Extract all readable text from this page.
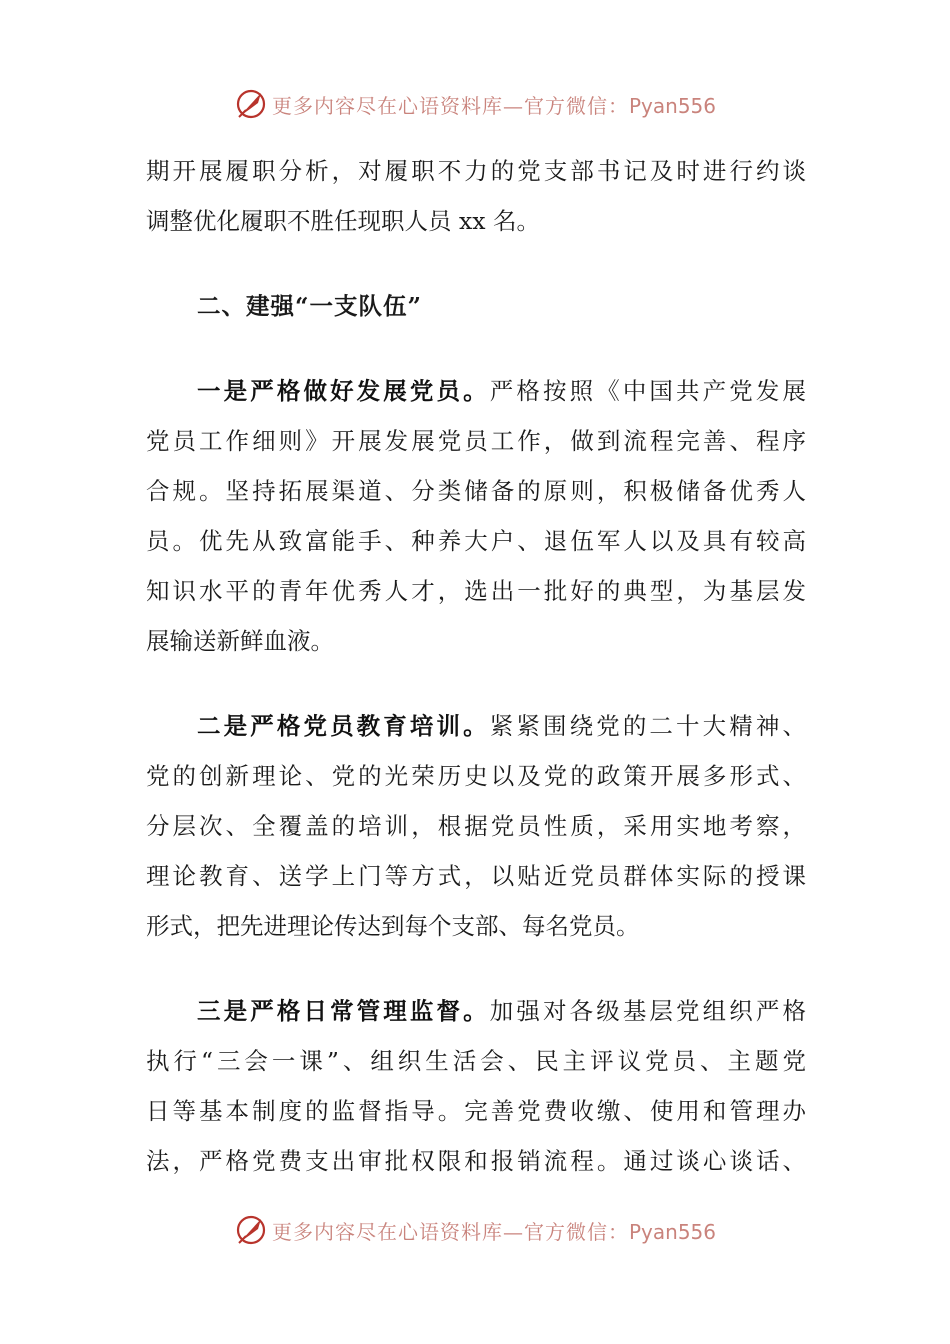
更多内容尽在心语资料库—官方微信：Pyan556
期开展履职分析，对履职不力的党支部书记及时进行约谈
调整优化履职不胜任现职人员 xx 名。
二、建强“一支队伍”
一是严格做好发展党员。严格按照《中国共产党发展
党员工作细则》开展发展党员工作，做到流程完善、程序
合规。坚持拓展渠道、分类储备的原则，积极储备优秀人
员。优先从致富能手、种养大户、退伍军人以及具有较高
知识水平的青年优秀人才，选出一批好的典型，为基层发
展输送新鲜血液。
二是严格党员教育培训。紧紧围绕党的二十大精神、
党的创新理论、党的光荣历史以及党的政策开展多形式、
分层次、全覆盖的培训，根据党员性质，采用实地考察，
理论教育、送学上门等方式，以贴近党员群体实际的授课
形式，把先进理论传达到每个支部、每名党员。
三是严格日常管理监督。加强对各级基层党组织严格
执行“三会一课”、组织生活会、民主评议党员、主题党
日等基本制度的监督指导。完善党费收缴、使用和管理办
法，严格党费支出审批权限和报销流程。通过谈心谈话、
更多内容尽在心语资料库—官方微信：Pyan556
